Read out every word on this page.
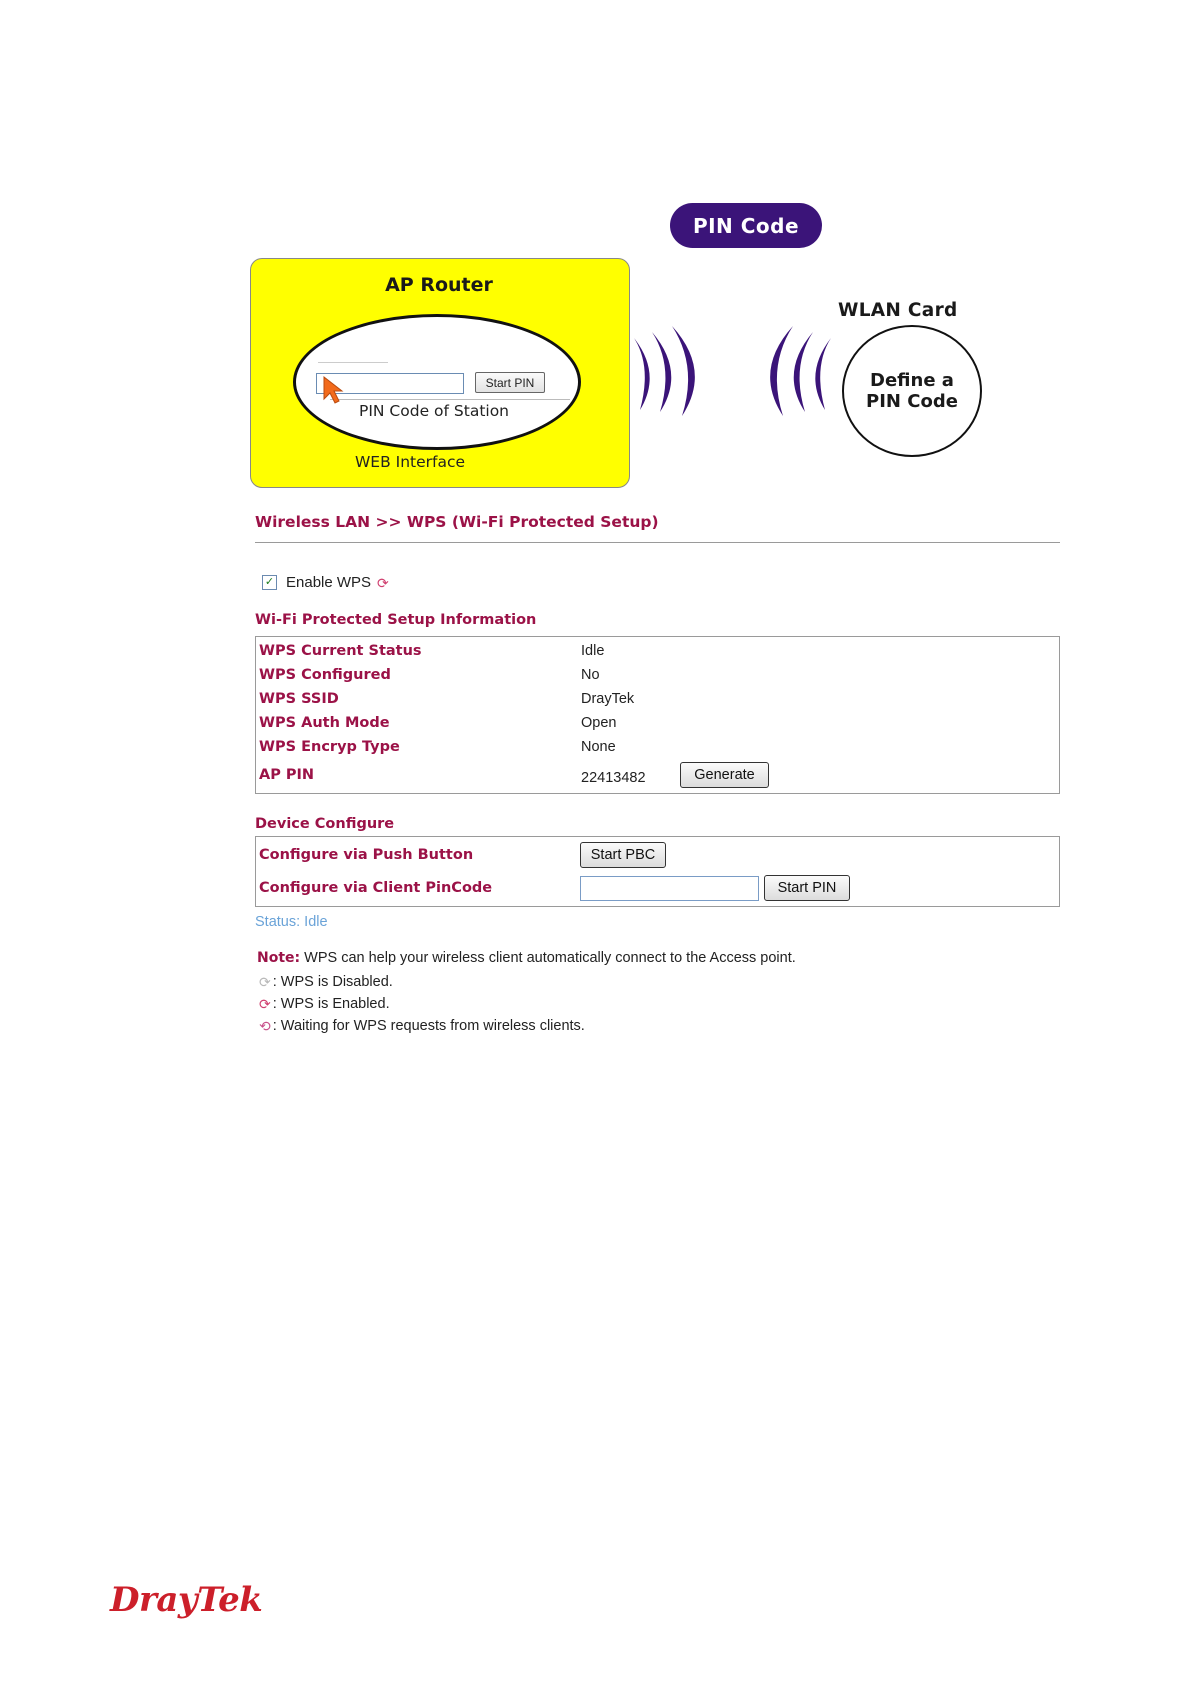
PIN Code
AP Router
Start PIN
PIN Code of Station
WEB Interface
WLAN Card
Define a
PIN Code
Wireless LAN >> WPS (Wi-Fi Protected Setup)
✓ Enable WPS ⟳
Wi-Fi Protected Setup Information
WPS Current Status	Idle
WPS Configured	No
WPS SSID	DrayTek
WPS Auth Mode	Open
WPS Encryp Type	None
AP PIN	22413482	Generate
Device Configure
Configure via Push Button	Start PBC
Configure via Client PinCode	Start PIN
Status: Idle
Note: WPS can help your wireless client automatically connect to the Access point.
⟳ : WPS is Disabled.
⟳ : WPS is Enabled.
⟲ : Waiting for WPS requests from wireless clients.
DrayTek
